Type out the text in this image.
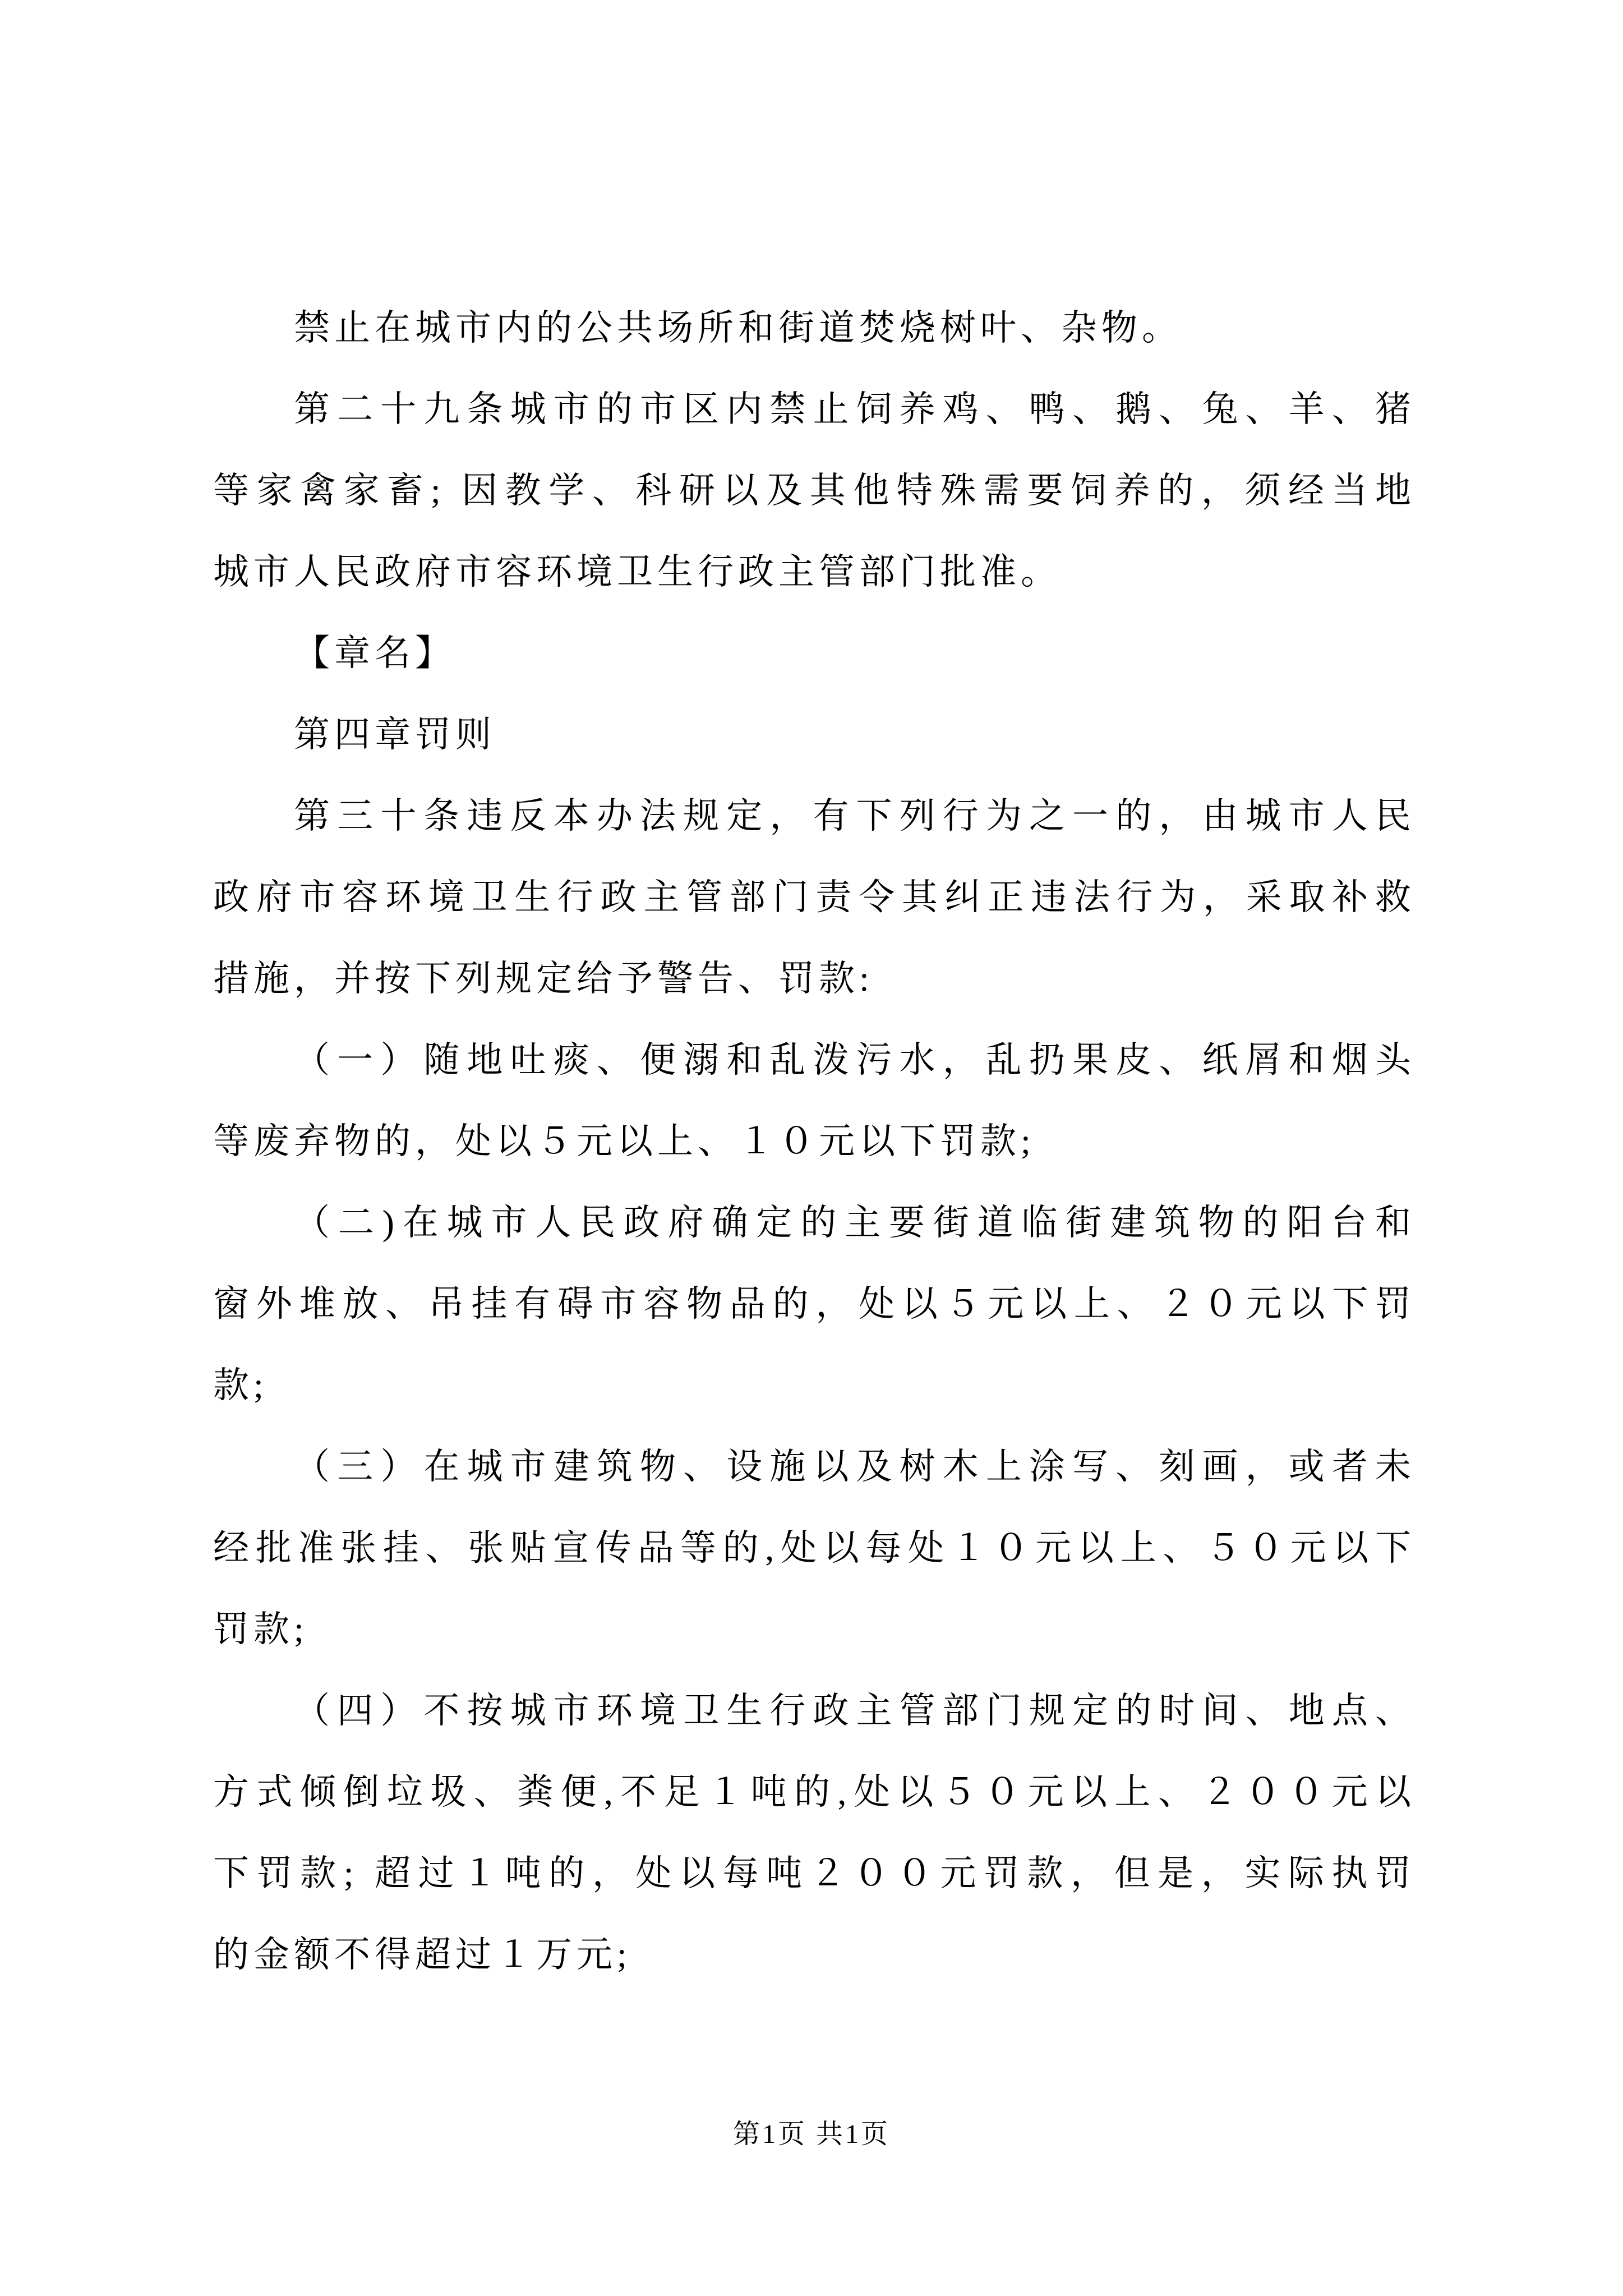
禁止在城市内的公共场所和街道焚烧树叶、杂物。
第二十九条城市的市区内禁止饲养鸡、鸭、鹅、兔、羊、猪
等家禽家畜; 因教学、科研以及其他特殊需要饲养的，须经当地
城市人民政府市容环境卫生行政主管部门批准。
【章名】
第四章罚则
第三十条违反本办法规定，有下列行为之一的，由城市人民
政府市容环境卫生行政主管部门责令其纠正违法行为，采取补救
措施，并按下列规定给予警告、罚款:
（一）随地吐痰、便溺和乱泼污水，乱扔果皮、纸屑和烟头
等废弃物的，处以５元以上、１０元以下罚款;
（二)在城市人民政府确定的主要街道临街建筑物的阳台和
窗外堆放、吊挂有碍市容物品的，处以５元以上、２０元以下罚
款;
（三）在城市建筑物、设施以及树木上涂写、刻画，或者未
经批准张挂、张贴宣传品等的,处以每处１０元以上、５０元以下
罚款;
（四）不按城市环境卫生行政主管部门规定的时间、地点、
方式倾倒垃圾、粪便,不足１吨的,处以５０元以上、２００元以
下罚款; 超过１吨的，处以每吨２００元罚款，但是，实际执罚
的金额不得超过１万元;
第1页 共1页
